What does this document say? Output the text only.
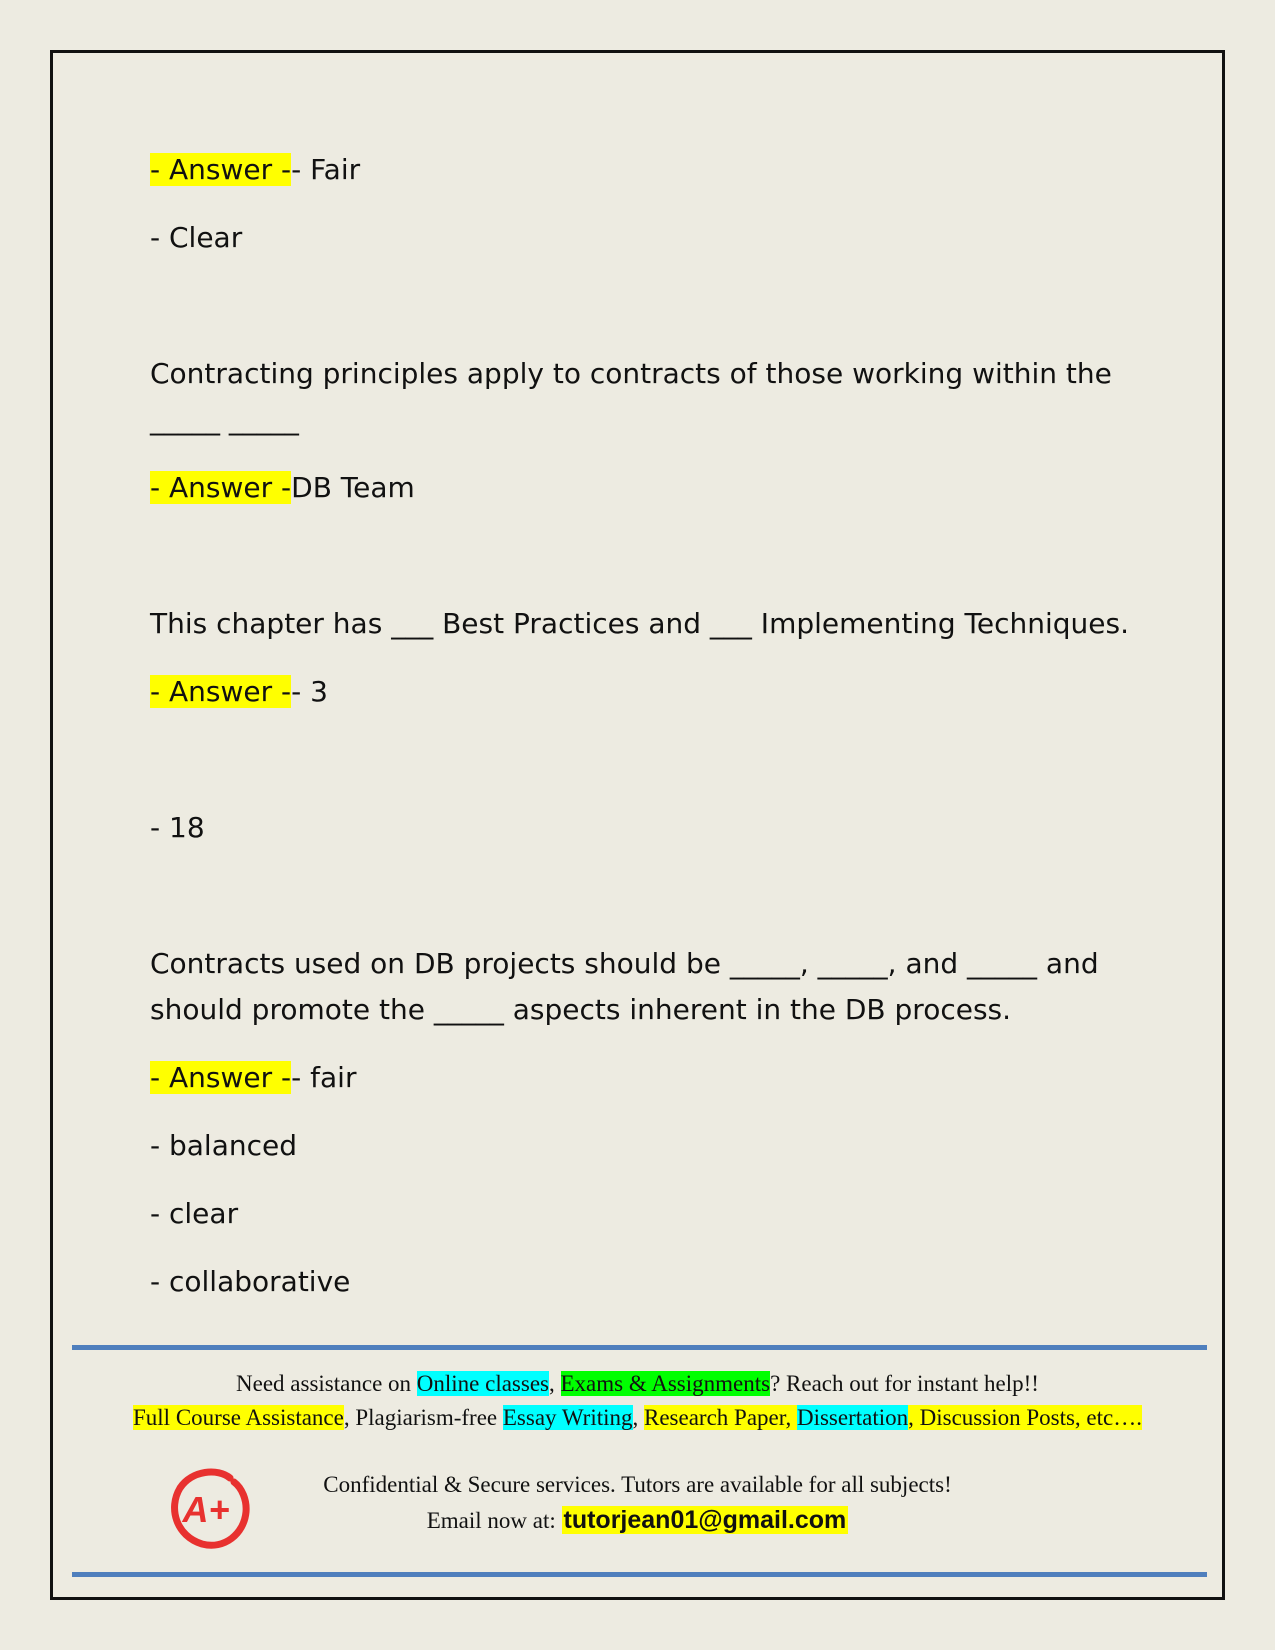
- Answer -- Fair
- Clear
Contracting principles apply to contracts of those working within the
_____ _____
- Answer -DB Team
This chapter has ___ Best Practices and ___ Implementing Techniques.
- Answer -- 3
- 18
Contracts used on DB projects should be _____, _____, and _____ and
should promote the _____ aspects inherent in the DB process.
- Answer -- fair
- balanced
- clear
- collaborative
Need assistance on Online classes, Exams & Assignments? Reach out for instant help!!
Full Course Assistance, Plagiarism-free Essay Writing, Research Paper, Dissertation, Discussion Posts, etc….
A+
Confidential & Secure services. Tutors are available for all subjects!
Email now at: tutorjean01@gmail.com
